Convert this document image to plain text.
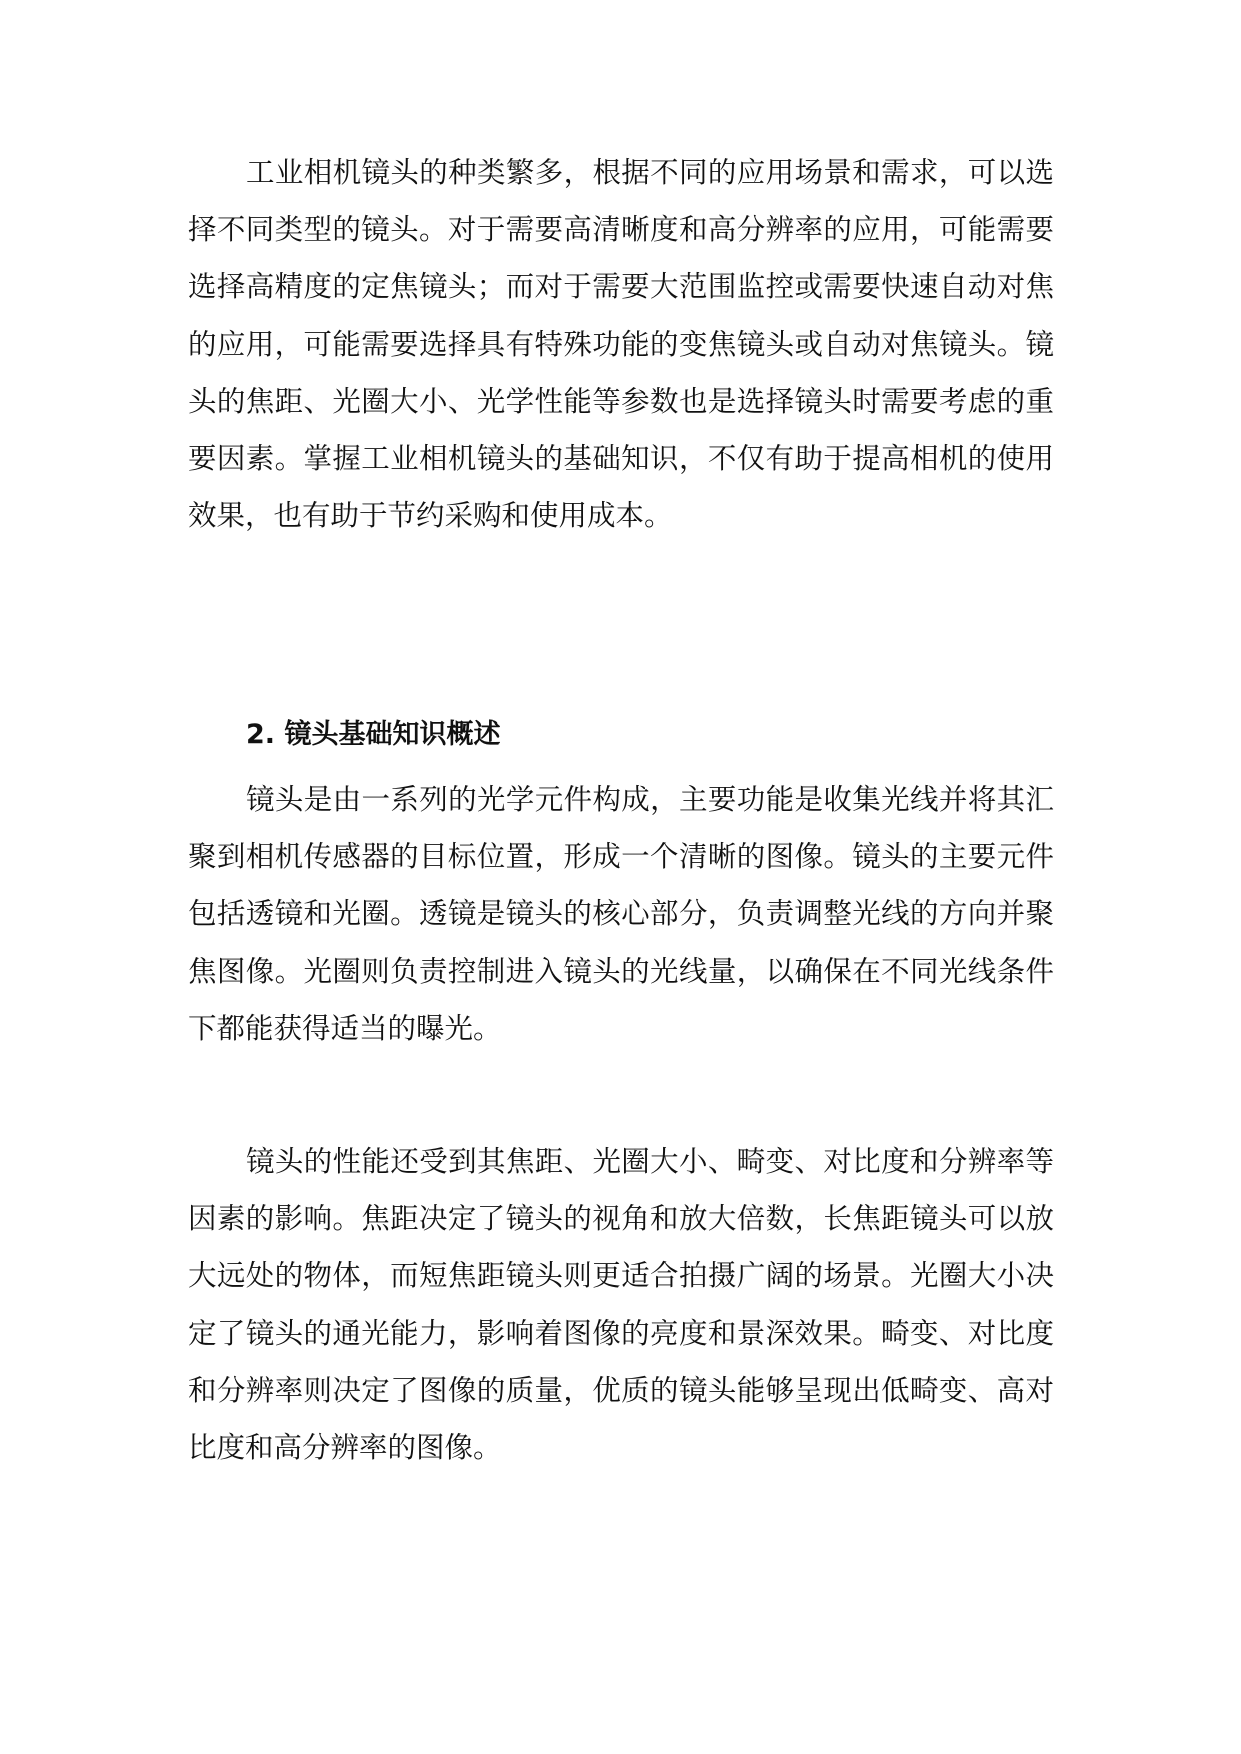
工业相机镜头的种类繁多，根据不同的应用场景和需求，可以选择不同类型的镜头。对于需要高清晰度和高分辨率的应用，可能需要选择高精度的定焦镜头；而对于需要大范围监控或需要快速自动对焦的应用，可能需要选择具有特殊功能的变焦镜头或自动对焦镜头。镜头的焦距、光圈大小、光学性能等参数也是选择镜头时需要考虑的重要因素。掌握工业相机镜头的基础知识，不仅有助于提高相机的使用效果，也有助于节约采购和使用成本。

2. 镜头基础知识概述

镜头是由一系列的光学元件构成，主要功能是收集光线并将其汇聚到相机传感器的目标位置，形成一个清晰的图像。镜头的主要元件包括透镜和光圈。透镜是镜头的核心部分，负责调整光线的方向并聚焦图像。光圈则负责控制进入镜头的光线量，以确保在不同光线条件下都能获得适当的曝光。

镜头的性能还受到其焦距、光圈大小、畸变、对比度和分辨率等因素的影响。焦距决定了镜头的视角和放大倍数，长焦距镜头可以放大远处的物体，而短焦距镜头则更适合拍摄广阔的场景。光圈大小决定了镜头的通光能力，影响着图像的亮度和景深效果。畸变、对比度和分辨率则决定了图像的质量，优质的镜头能够呈现出低畸变、高对比度和高分辨率的图像。
